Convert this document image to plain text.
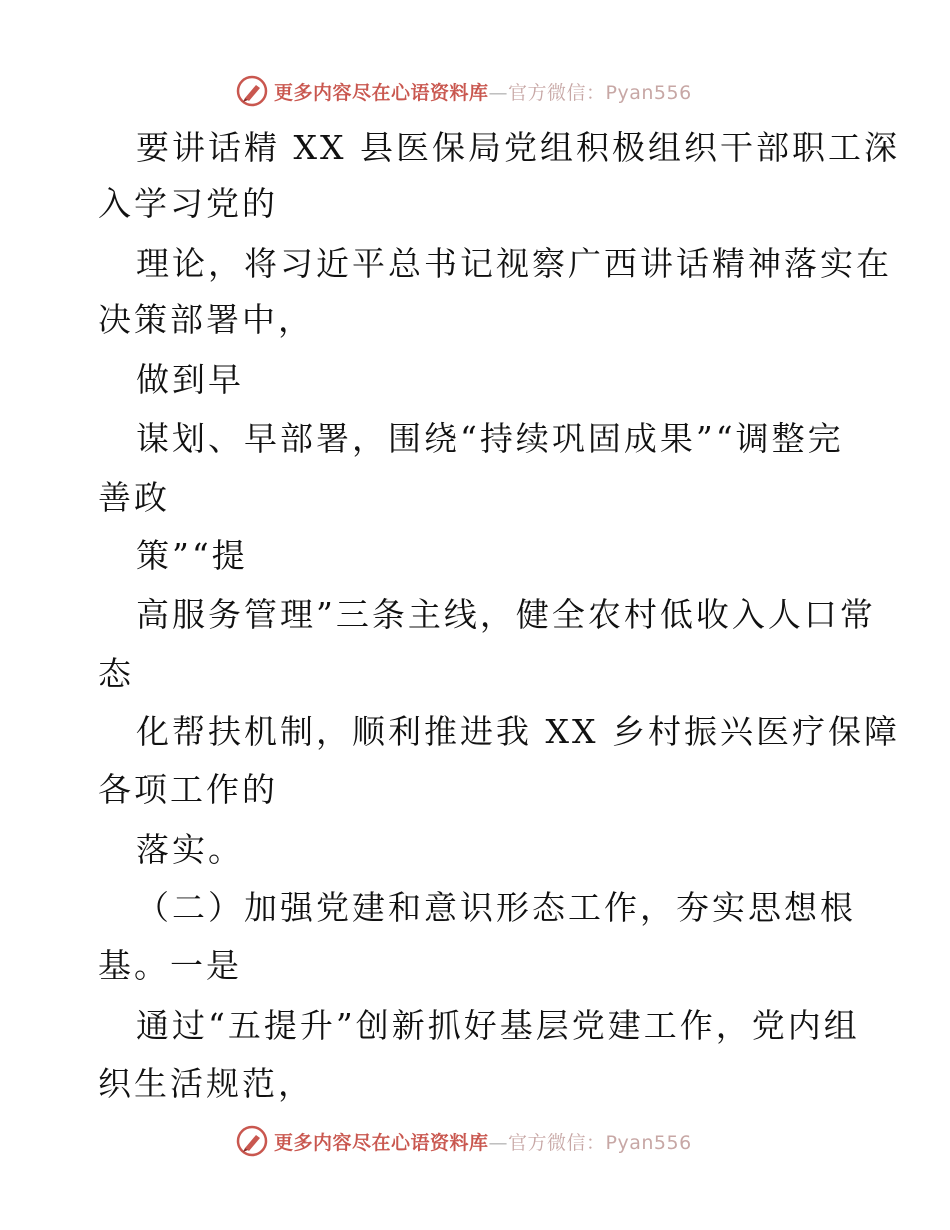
更多内容尽在心语资料库—官方微信：Pyan556
要讲话精 XX 县医保局党组积极组织干部职工深
入学习党的
理论，将习近平总书记视察广西讲话精神落实在
决策部署中，
做到早
谋划、早部署，围绕“持续巩固成果”“调整完
善政
策”“提
高服务管理”三条主线，健全农村低收入人口常
态
化帮扶机制，顺利推进我 XX 乡村振兴医疗保障
各项工作的
落实。
（二）加强党建和意识形态工作，夯实思想根
基。一是
通过“五提升”创新抓好基层党建工作，党内组
织生活规范，
更多内容尽在心语资料库—官方微信：Pyan556
